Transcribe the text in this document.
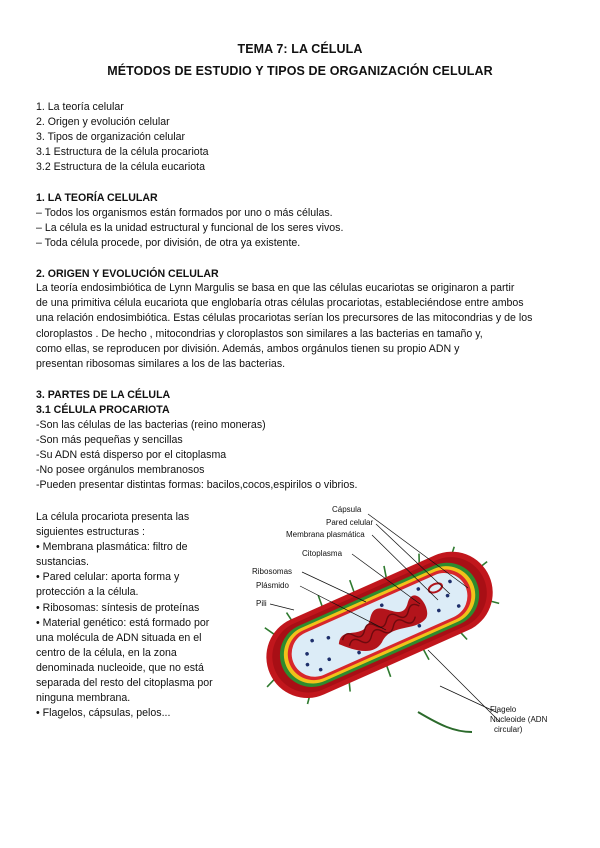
TEMA 7: LA CÉLULA
MÉTODOS DE ESTUDIO Y TIPOS DE ORGANIZACIÓN CELULAR
1. La teoría celular
2. Origen y evolución celular
3. Tipos de organización celular
3.1 Estructura de la célula procariota
3.2 Estructura de la célula eucariota
1. LA TEORÍA CELULAR
– Todos los organismos están formados por uno o más células.
– La célula es la unidad estructural y funcional de los seres vivos.
– Toda célula procede, por división, de otra ya existente.
2. ORIGEN Y EVOLUCIÓN CELULAR
La teoría endosimbiótica de Lynn Margulis se basa en que las células eucariotas se originaron a partir
de una primitiva célula eucariota que englobaría otras células procariotas, estableciéndose entre ambos
una relación endosimbiótica. Estas células procariotas serían los precursores de las mitocondrias y de los
cloroplastos . De hecho , mitocondrias y cloroplastos son similares a las bacterias en tamaño y,
como ellas, se reproducen por división. Además, ambos orgánulos tienen su propio ADN y
presentan ribosomas similares a los de las bacterias.
3. PARTES DE LA CÉLULA
3.1 CÉLULA PROCARIOTA
-Son las células de las bacterias (reino moneras)
-Son más pequeñas y sencillas
-Su ADN está disperso por el citoplasma
-No posee orgánulos membranosos
-Pueden presentar distintas formas: bacilos,cocos,espirilos o vibrios.
La célula procariota presenta las
siguientes estructuras :
• Membrana plasmática: filtro de
sustancias.
• Pared celular: aporta forma y
protección a la célula.
• Ribosomas: síntesis de proteínas
• Material genético: está formado por
una molécula de ADN situada en el
centro de la célula, en la zona
denominada nucleoide, que no está
separada del resto del citoplasma por
ninguna membrana.
• Flagelos, cápsulas, pelos...
Cápsula
Pared celular
Membrana plasmática
Citoplasma
Ribosomas
Plásmido
Pili
Flagelo
Nucleoide (ADN
circular)
